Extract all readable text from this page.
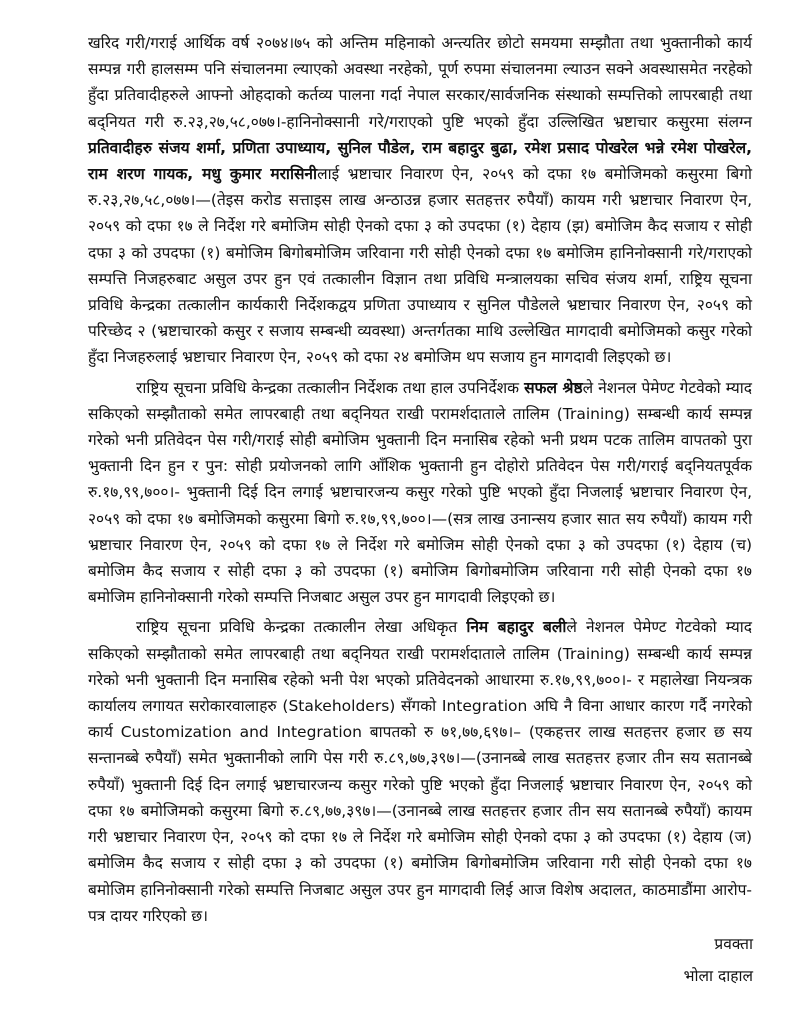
खरिद गरी/गराई आर्थिक वर्ष २०७४।७५ को अन्तिम महिनाको अन्त्यतिर छोटो समयमा सम्झौता तथा भुक्तानीको कार्य सम्पन्न गरी हालसम्म पनि संचालनमा ल्याएको अवस्था नरहेको, पूर्ण रुपमा संचालनमा ल्याउन सक्ने अवस्थासमेत नरहेको हुँदा प्रतिवादीहरुले आफ्नो ओहदाको कर्तव्य पालना गर्दा नेपाल सरकार/सार्वजनिक संस्थाको सम्पत्तिको लापरबाही तथा बद्नियत गरी रु.२३,२७,५८,०७७।-हानिनोक्सानी गरे/गराएको पुष्टि भएको हुँदा उल्लिखित भ्रष्टाचार कसुरमा संलग्न प्रतिवादीहरु संजय शर्मा, प्रणिता उपाध्याय, सुनिल पौडेल, राम बहादुर बुढा, रमेश प्रसाद पोखरेल भन्ने रमेश पोखरेल, राम शरण गायक, मधु कुमार मरासिनीलाई भ्रष्टाचार निवारण ऐन, २०५९ को दफा १७ बमोजिमको कसुरमा बिगो रु.२३,२७,५८,०७७।—(तेइस करोड सत्ताइस लाख अन्ठाउन्न हजार सतहत्तर रुपैयाँ) कायम गरी भ्रष्टाचार निवारण ऐन, २०५९ को दफा १७ ले निर्देश गरे बमोजिम सोही ऐनको दफा ३ को उपदफा (१) देहाय (झ) बमोजिम कैद सजाय र सोही दफा ३ को उपदफा (१) बमोजिम बिगोबमोजिम जरिवाना गरी सोही ऐनको दफा १७ बमोजिम हानिनोक्सानी गरे/गराएको सम्पत्ति निजहरुबाट असुल उपर हुन एवं तत्कालीन विज्ञान तथा प्रविधि मन्त्रालयका सचिव संजय शर्मा, राष्ट्रिय सूचना प्रविधि केन्द्रका तत्कालीन कार्यकारी निर्देशकद्वय प्रणिता उपाध्याय र सुनिल पौडेलले भ्रष्टाचार निवारण ऐन, २०५९ को परिच्छेद २ (भ्रष्टाचारको कसुर र सजाय सम्बन्धी व्यवस्था) अन्तर्गतका माथि उल्लेखित मागदावी बमोजिमको कसुर गरेको हुँदा निजहरुलाई भ्रष्टाचार निवारण ऐन, २०५९ को दफा २४ बमोजिम थप सजाय हुन मागदावी लिइएको छ।

राष्ट्रिय सूचना प्रविधि केन्द्रका तत्कालीन निर्देशक तथा हाल उपनिर्देशक सफल श्रेष्ठले नेशनल पेमेण्ट गेटवेको म्याद सकिएको सम्झौताको समेत लापरबाही तथा बद्नियत राखी परामर्शदाताले तालिम (Training) सम्बन्धी कार्य सम्पन्न गरेको भनी प्रतिवेदन पेस गरी/गराई सोही बमोजिम भुक्तानी दिन मनासिब रहेको भनी प्रथम पटक तालिम वापतको पुरा भुक्तानी दिन हुन र पुन: सोही प्रयोजनको लागि आँशिक भुक्तानी हुन दोहोरो प्रतिवेदन पेस गरी/गराई बद्नियतपूर्वक रु.१७,९९,७००।- भुक्तानी दिई दिन लगाई भ्रष्टाचारजन्य कसुर गरेको पुष्टि भएको हुँदा निजलाई भ्रष्टाचार निवारण ऐन, २०५९ को दफा १७ बमोजिमको कसुरमा बिगो रु.१७,९९,७००।—(सत्र लाख उनान्सय हजार सात सय रुपैयाँ) कायम गरी भ्रष्टाचार निवारण ऐन, २०५९ को दफा १७ ले निर्देश गरे बमोजिम सोही ऐनको दफा ३ को उपदफा (१) देहाय (च) बमोजिम कैद सजाय र सोही दफा ३ को उपदफा (१) बमोजिम बिगोबमोजिम जरिवाना गरी सोही ऐनको दफा १७ बमोजिम हानिनोक्सानी गरेको सम्पत्ति निजबाट असुल उपर हुन मागदावी लिइएको छ।

राष्ट्रिय सूचना प्रविधि केन्द्रका तत्कालीन लेखा अधिकृत निम बहादुर बलीले नेशनल पेमेण्ट गेटवेको म्याद सकिएको सम्झौताको समेत लापरबाही तथा बद्नियत राखी परामर्शदाताले तालिम (Training) सम्बन्धी कार्य सम्पन्न गरेको भनी भुक्तानी दिन मनासिब रहेको भनी पेश भएको प्रतिवेदनको आधारमा रु.१७,९९,७००।- र महालेखा नियन्त्रक कार्यालय लगायत सरोकारवालाहरु (Stakeholders) सँगको Integration अघि नै विना आधार कारण गर्दै नगरेको कार्य Customization and Integration बापतको रु ७१,७७,६९७।– (एकहत्तर लाख सतहत्तर हजार छ सय सन्तानब्बे रुपैयाँ) समेत भुक्तानीको लागि पेस गरी रु.८९,७७,३९७।—(उनानब्बे लाख सतहत्तर हजार तीन सय सतानब्बे रुपैयाँ) भुक्तानी दिई दिन लगाई भ्रष्टाचारजन्य कसुर गरेको पुष्टि भएको हुँदा निजलाई भ्रष्टाचार निवारण ऐन, २०५९ को दफा १७ बमोजिमको कसुरमा बिगो रु.८९,७७,३९७।—(उनानब्बे लाख सतहत्तर हजार तीन सय सतानब्बे रुपैयाँ) कायम गरी भ्रष्टाचार निवारण ऐन, २०५९ को दफा १७ ले निर्देश गरे बमोजिम सोही ऐनको दफा ३ को उपदफा (१) देहाय (ज) बमोजिम कैद सजाय र सोही दफा ३ को उपदफा (१) बमोजिम बिगोबमोजिम जरिवाना गरी सोही ऐनको दफा १७ बमोजिम हानिनोक्सानी गरेको सम्पत्ति निजबाट असुल उपर हुन मागदावी लिई आज विशेष अदालत, काठमाडौंमा आरोप-पत्र दायर गरिएको छ।

प्रवक्ता
भोला दाहाल
